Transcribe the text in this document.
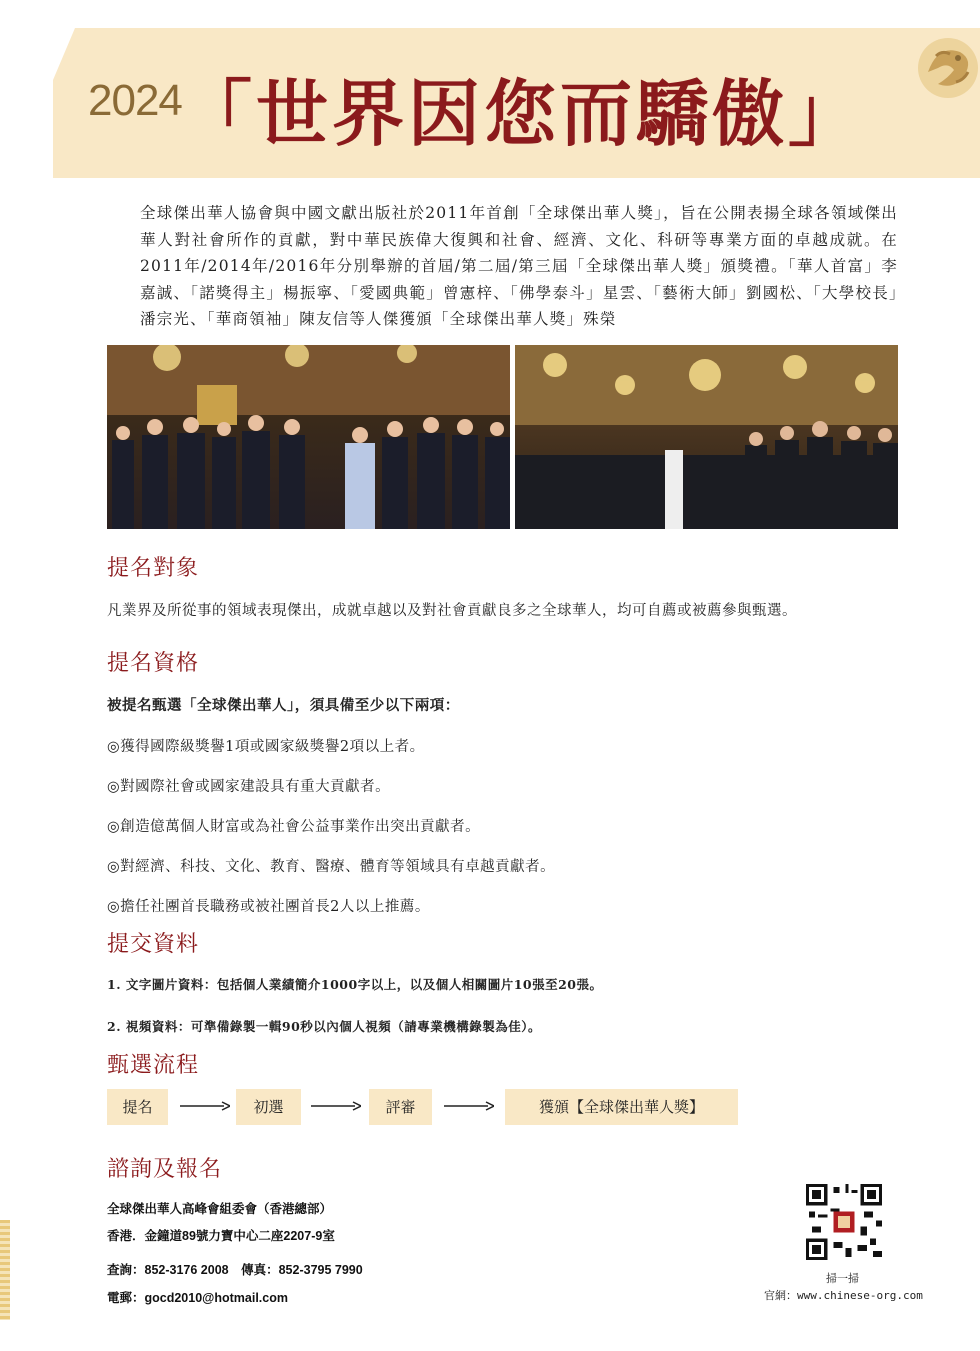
2024
「世界因您而驕傲」
全球傑出華人協會與中國文獻出版社於2011年首創「全球傑出華人獎」，旨在公開表揚全球各領域傑出華人對社會所作的貢獻，對中華民族偉大復興和社會、經濟、文化、科研等專業方面的卓越成就。在2011年/2014年/2016年分別舉辦的首屆/第二屆/第三屆「全球傑出華人獎」頒獎禮。「華人首富」李嘉誠、「諾獎得主」楊振寧、「愛國典範」曾憲梓、「佛學泰斗」星雲、「藝術大師」劉國松、「大學校長」潘宗光、「華商領袖」陳友信等人傑獲頒「全球傑出華人獎」殊榮
提名對象
凡業界及所從事的領域表現傑出，成就卓越以及對社會貢獻良多之全球華人，均可自薦或被薦參與甄選。
提名資格
被提名甄選「全球傑出華人」，須具備至少以下兩項：
◎獲得國際級獎譽1項或國家級獎譽2項以上者。
◎對國際社會或國家建設具有重大貢獻者。
◎創造億萬個人財富或為社會公益事業作出突出貢獻者。
◎對經濟、科技、文化、教育、醫療、體育等領域具有卓越貢獻者。
◎擔任社團首長職務或被社團首長2人以上推薦。
提交資料
1. 文字圖片資料：包括個人業績簡介1000字以上，以及個人相關圖片10張至20張。
2. 視頻資料：可準備錄製一輯90秒以內個人視頻（請專業機構錄製為佳）。
甄選流程
提名	初選	評審	獲頒【全球傑出華人獎】
諮詢及報名
全球傑出華人高峰會組委會（香港總部）
香港．金鐘道89號力寶中心二座2207-9室
查詢：852-3176 2008　傳真：852-3795 7990
電郵：gocd2010@hotmail.com
掃一掃
官網：www.chinese-org.com
